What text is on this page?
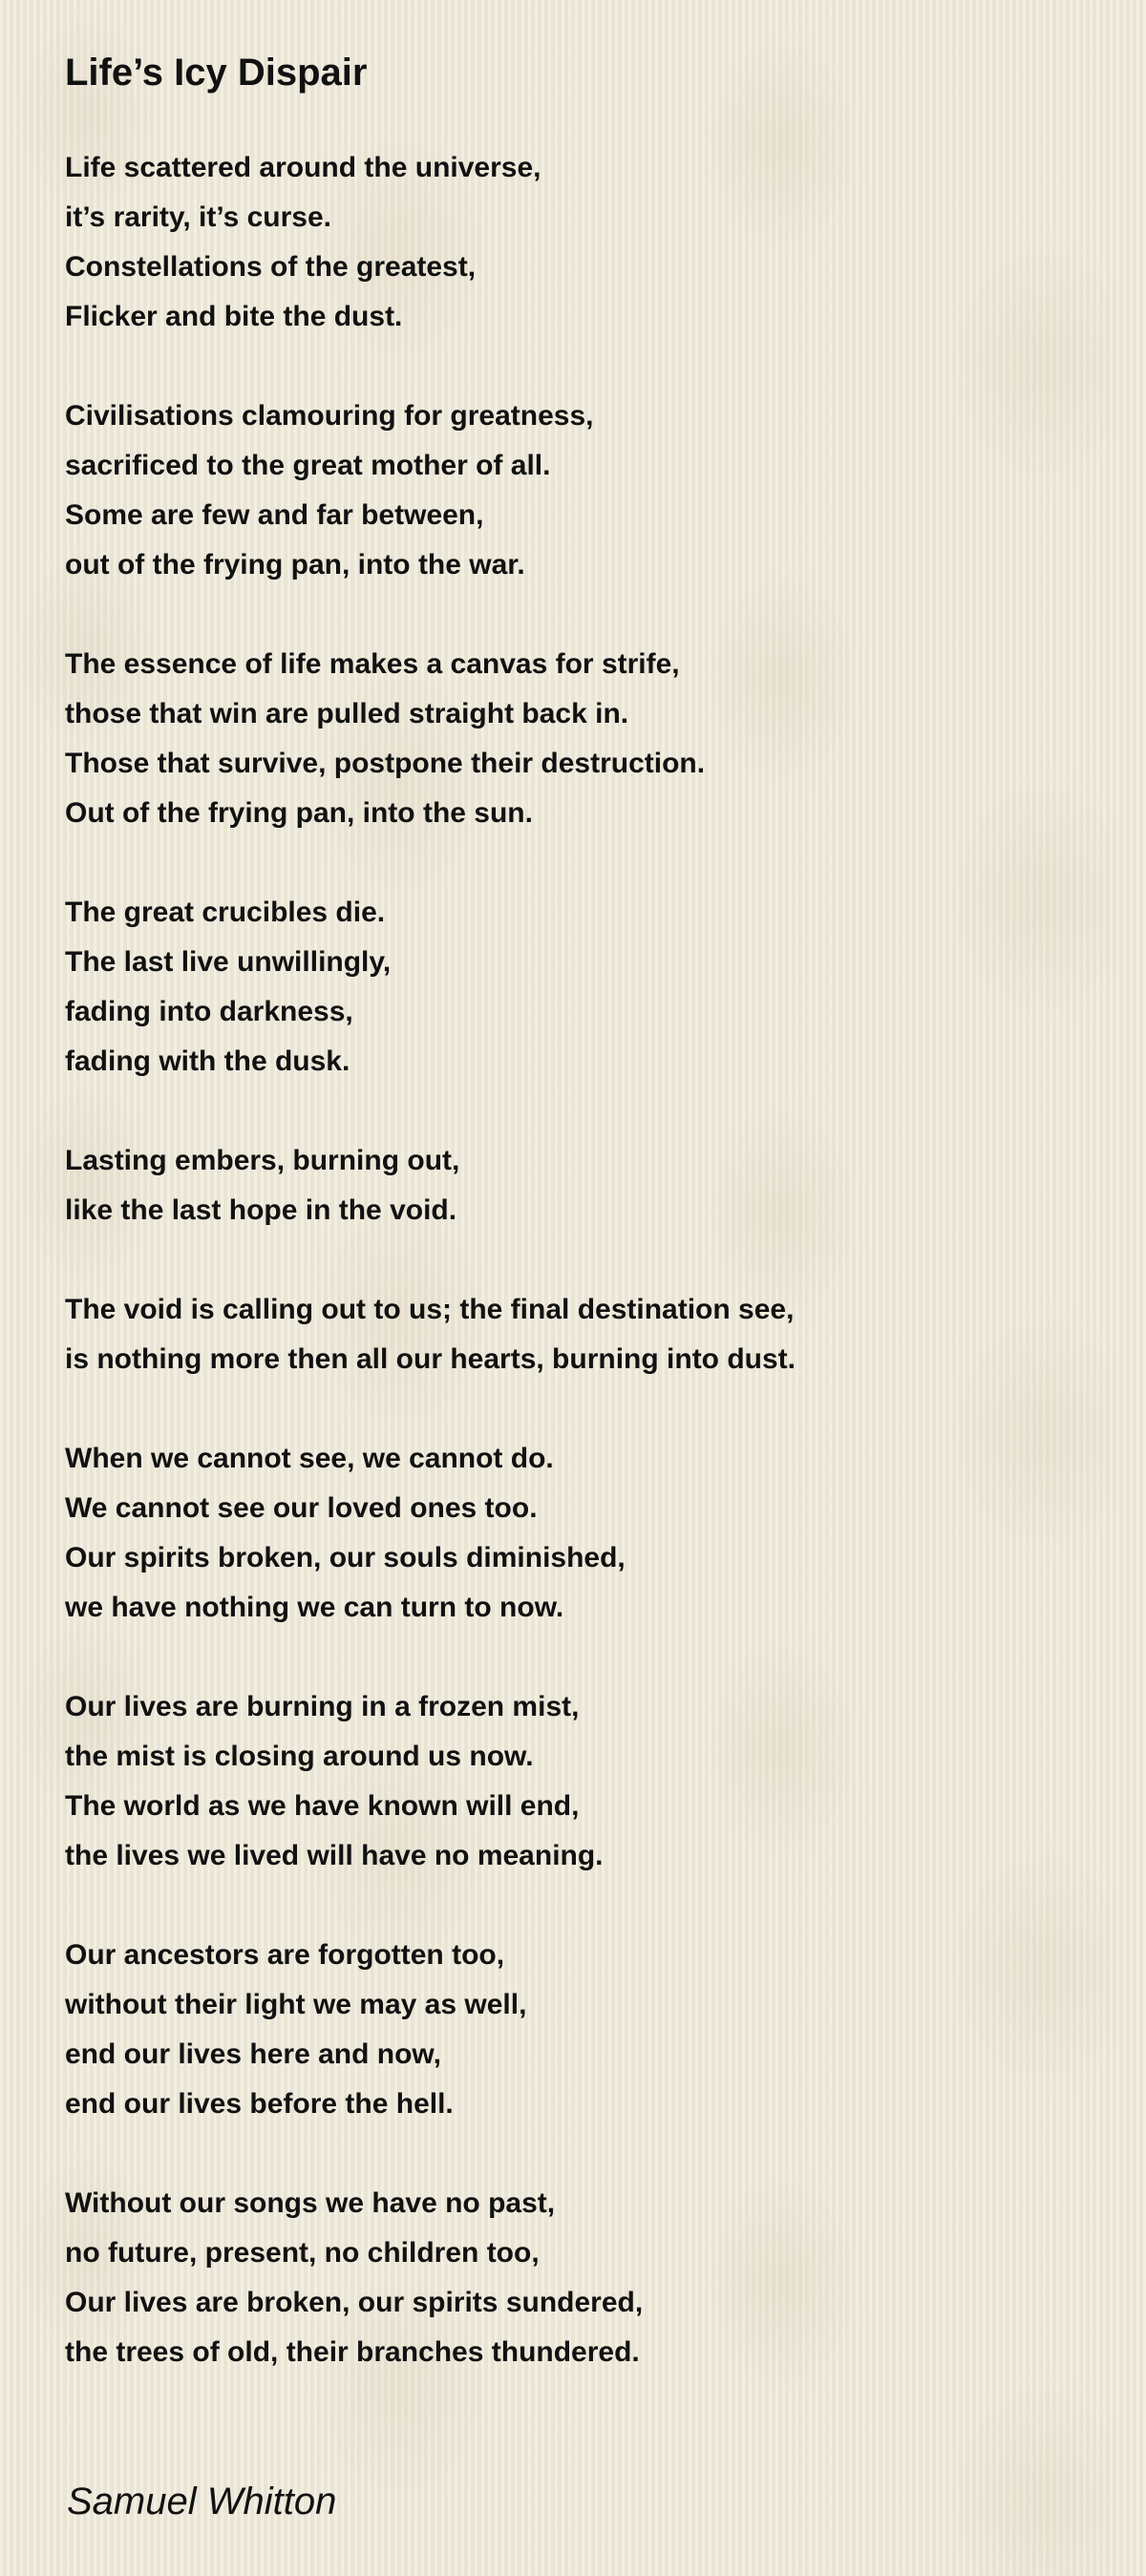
Life’s Icy Dispair
Life scattered around the universe,
it’s rarity, it’s curse.
Constellations of the greatest,
Flicker and bite the dust.
Civilisations clamouring for greatness,
sacrificed to the great mother of all.
Some are few and far between,
out of the frying pan, into the war.
The essence of life makes a canvas for strife,
those that win are pulled straight back in.
Those that survive, postpone their destruction.
Out of the frying pan, into the sun.
The great crucibles die.
The last live unwillingly,
fading into darkness,
fading with the dusk.
Lasting embers, burning out,
like the last hope in the void.
The void is calling out to us; the final destination see,
is nothing more then all our hearts, burning into dust.
When we cannot see, we cannot do.
We cannot see our loved ones too.
Our spirits broken, our souls diminished,
we have nothing we can turn to now.
Our lives are burning in a frozen mist,
the mist is closing around us now.
The world as we have known will end,
the lives we lived will have no meaning.
Our ancestors are forgotten too,
without their light we may as well,
end our lives here and now,
end our lives before the hell.
Without our songs we have no past,
no future, present, no children too,
Our lives are broken, our spirits sundered,
the trees of old, their branches thundered.

Samuel Whitton
